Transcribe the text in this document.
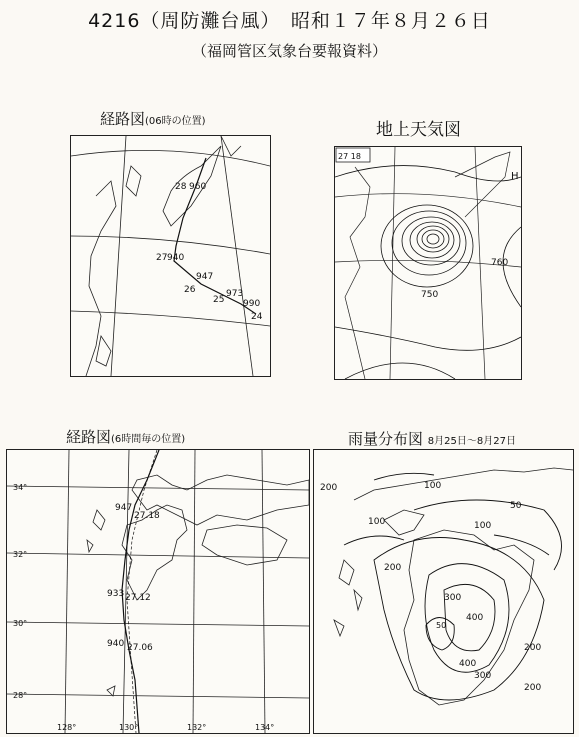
4216（周防灘台風）　昭和１７年８月２６日
（福岡管区気象台要報資料）
経路図(06時の位置)
28 960
27 940
26
947
25
973
24
990
地上天気図
27 18
H
760
750
経路図(6時間毎の位置)
34°
32°
30°
28°
128°	130°	132°	134°
947
27.18
933 27.12
940 27.06
雨量分布図 8月25日〜8月27日
100
100
50
200
100
200
300
400
400
200
300
200
50
